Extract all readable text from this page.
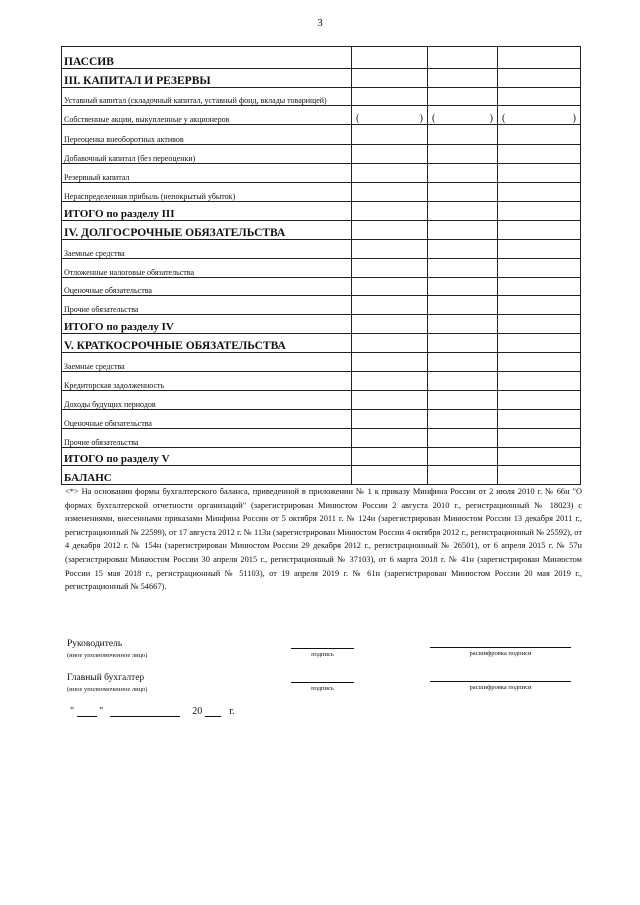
3
ПАССИВ			
III. КАПИТАЛ И РЕЗЕРВЫ			
Уставный капитал (складочный капитал, уставный фонд, вклады товарищей)			
Собственные акции, выкупленные у акционеров	( )	( )	( )

Переоценка внеоборотных активов			
Добавочный капитал (без переоценки)			
Резервный капитал			
Нераспределенная прибыль (непокрытый убыток)			
ИТОГО по разделу III			
IV. ДОЛГОСРОЧНЫЕ ОБЯЗАТЕЛЬСТВА			
Заемные средства			
Отложенные налоговые обязательства			
Оценочные обязательства			
Прочие обязательства			
ИТОГО по разделу IV			
V. КРАТКОСРОЧНЫЕ ОБЯЗАТЕЛЬСТВА			
Заемные средства			
Кредиторская задолженность			
Доходы будущих периодов			
Оценочные обязательства			
Прочие обязательства			
ИТОГО по разделу V			
БАЛАНС			
<*> На основании формы бухгалтерского баланса, приведенной в приложении № 1 к приказу Минфина России от 2 июля 2010 г. № 66н "О формах бухгалтерской отчетности организаций" (зарегистрирован Минюстом России 2 августа 2010 г., регистрационный № 18023) с изменениями, внесенными приказами Минфина России от 5 октября 2011 г. № 124н (зарегистрирован Минюстом России 13 декабря 2011 г., регистрационный № 22599), от 17 августа 2012 г. № 113н (зарегистрирован Минюстом России 4 октября 2012 г., регистрационный № 25592), от 4 декабря 2012 г. № 154н (зарегистрирован Минюстом России 29 декабря 2012 г., регистрационный № 26501), от 6 апреля 2015 г. № 57н (зарегистрирован Минюстом России 30 апреля 2015 г., регистрационный № 37103), от 6 марта 2018 г. № 41н (зарегистрирован Минюстом России 15 мая 2018 г., регистрационный № 51103), от 19 апреля 2019 г. № 61н (зарегистрирован Минюстом России 20 мая 2019 г., регистрационный № 54667).
Руководитель
(иное уполномоченное лицо)	подпись	расшифровка подписи
Главный бухгалтер
(иное уполномоченное лицо)	подпись	расшифровка подписи
"	"	20	г.
